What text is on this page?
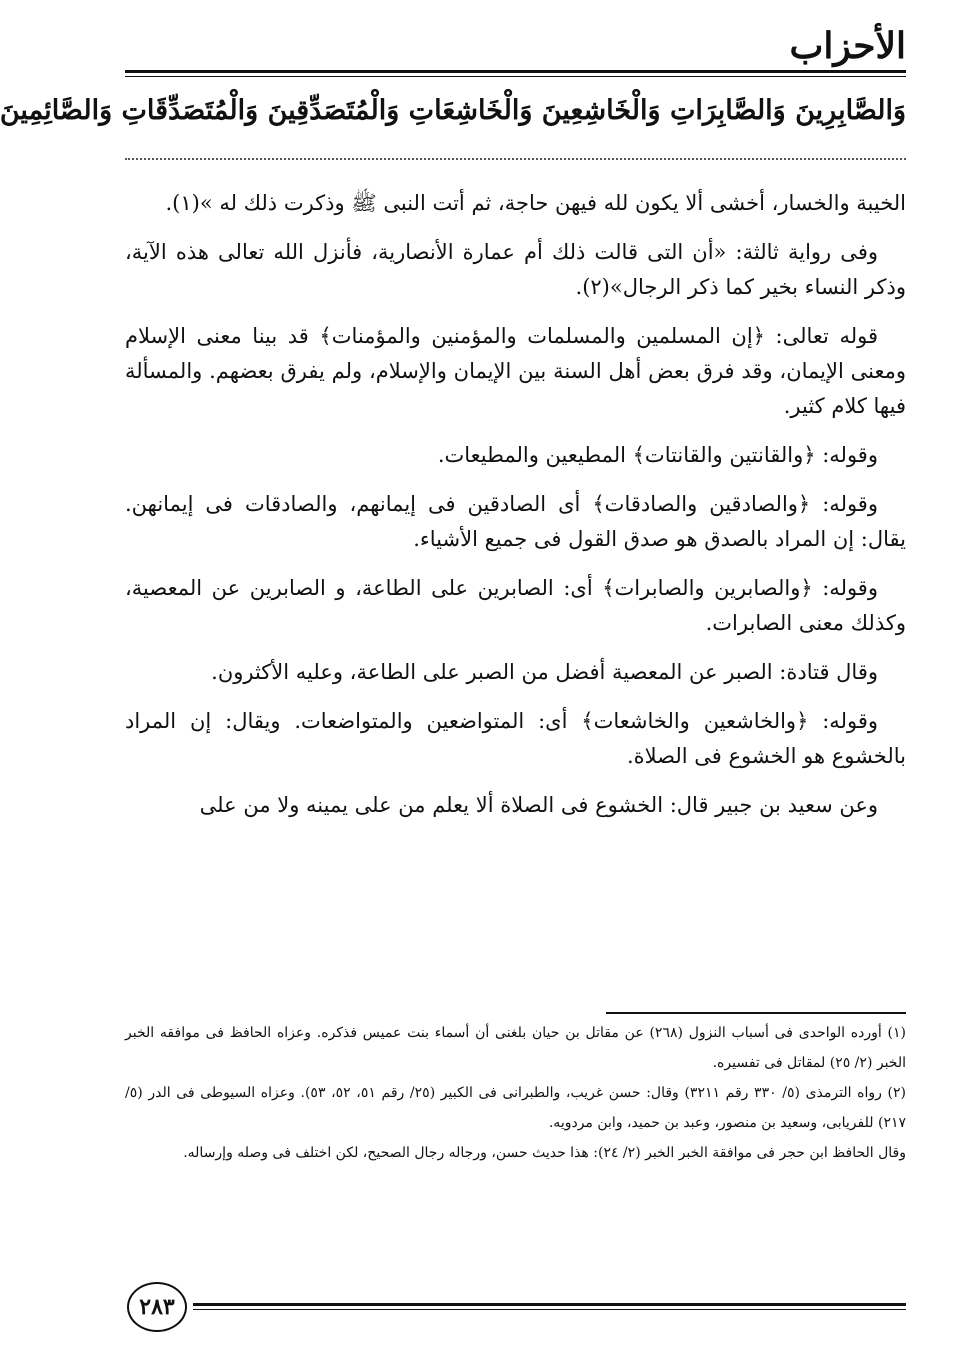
الأحزاب
وَالصَّابِرِينَ وَالصَّابِرَاتِ وَالْخَاشِعِينَ وَالْخَاشِعَاتِ وَالْمُتَصَدِّقِينَ وَالْمُتَصَدِّقَاتِ وَالصَّائِمِينَ

الخيبة والخسار، أخشى ألا يكون لله فيهن حاجة، ثم أتت النبى ﷺ وذكرت ذلك له »(١).

وفى رواية ثالثة: «أن التى قالت ذلك أم عمارة الأنصارية، فأنزل الله تعالى هذه الآية، وذكر النساء بخير كما ذكر الرجال»(٢).

قوله تعالى: ﴿إن المسلمين والمسلمات والمؤمنين والمؤمنات﴾ قد بينا معنى الإسلام ومعنى الإيمان، وقد فرق بعض أهل السنة بين الإيمان والإسلام، ولم يفرق بعضهم. والمسألة فيها كلام كثير.

وقوله: ﴿والقانتين والقانتات﴾ المطيعين والمطيعات.

وقوله: ﴿والصادقين والصادقات﴾ أى الصادقين فى إيمانهم، والصادقات فى إيمانهن. يقال: إن المراد بالصدق هو صدق القول فى جميع الأشياء.

وقوله: ﴿والصابرين والصابرات﴾ أى: الصابرين على الطاعة، و الصابرين عن المعصية، وكذلك معنى الصابرات.

وقال قتادة: الصبر عن المعصية أفضل من الصبر على الطاعة، وعليه الأكثرون.

وقوله: ﴿والخاشعين والخاشعات﴾ أى: المتواضعين والمتواضعات. ويقال: إن المراد بالخشوع هو الخشوع فى الصلاة.

وعن سعيد بن جبير قال: الخشوع فى الصلاة ألا يعلم من على يمينه ولا من على

(١) أورده الواحدى فى أسباب النزول (٢٦٨) عن مقاتل بن حيان بلغنى أن أسماء بنت عميس فذكره. وعزاه الحافظ فى موافقه الخبر الخبر (٢/ ٢٥) لمقاتل فى تفسيره.

(٢) رواه الترمذى (٥/ ٣٣٠ رقم ٣٢١١) وقال: حسن غريب، والطبرانى فى الكبير (٢٥/ رقم ٥١، ٥٢، ٥٣). وعزاه السيوطى فى الدر (٥/ ٢١٧) للفريابى، وسعيد بن منصور، وعبد بن حميد، وابن مردويه.

وقال الحافظ ابن حجر فى موافقة الخبر الخبر (٢/ ٢٤): هذا حديث حسن، ورجاله رجال الصحيح، لكن اختلف فى وصله وإرساله.

٢٨٣
